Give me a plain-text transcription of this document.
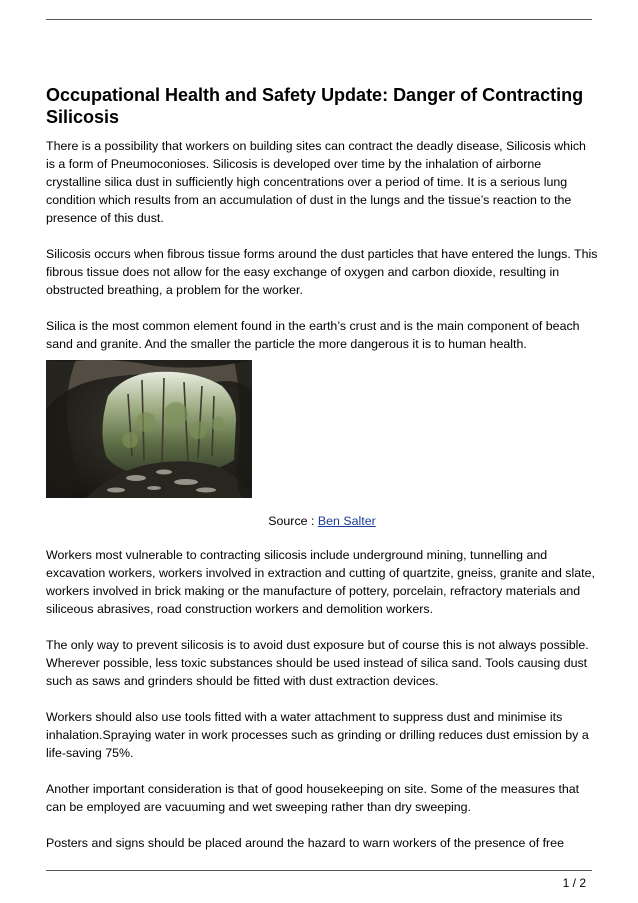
Occupational Health and Safety Update: Danger of Contracting Silicosis

There is a possibility that workers on building sites can contract the deadly disease, Silicosis which is a form of Pneumoconioses. Silicosis is developed over time by the inhalation of airborne crystalline silica dust in sufficiently high concentrations over a period of time. It is a serious lung condition which results from an accumulation of dust in the lungs and the tissue’s reaction to the presence of this dust.

Silicosis occurs when fibrous tissue forms around the dust particles that have entered the lungs. This fibrous tissue does not allow for the easy exchange of oxygen and carbon dioxide, resulting in obstructed breathing, a problem for the worker.

Silica is the most common element found in the earth’s crust and is the main component of beach sand and granite. And the smaller the particle the more dangerous it is to human health.

Source : Ben Salter

Workers most vulnerable to contracting silicosis include underground mining, tunnelling and excavation workers, workers involved in extraction and cutting of quartzite, gneiss, granite and slate, workers involved in brick making or the manufacture of pottery, porcelain, refractory materials and siliceous abrasives, road construction workers and demolition workers.

The only way to prevent silicosis is to avoid dust exposure but of course this is not always possible. Wherever possible, less toxic substances should be used instead of silica sand. Tools causing dust such as saws and grinders should be fitted with dust extraction devices.

Workers should also use tools fitted with a water attachment to suppress dust and minimise its inhalation.Spraying water in work processes such as grinding or drilling reduces dust emission by a life-saving 75%.

Another important consideration is that of good housekeeping on site. Some of the measures that can be employed are vacuuming and wet sweeping rather than dry sweeping.

Posters and signs should be placed around the hazard to warn workers of the presence of free

1 / 2
